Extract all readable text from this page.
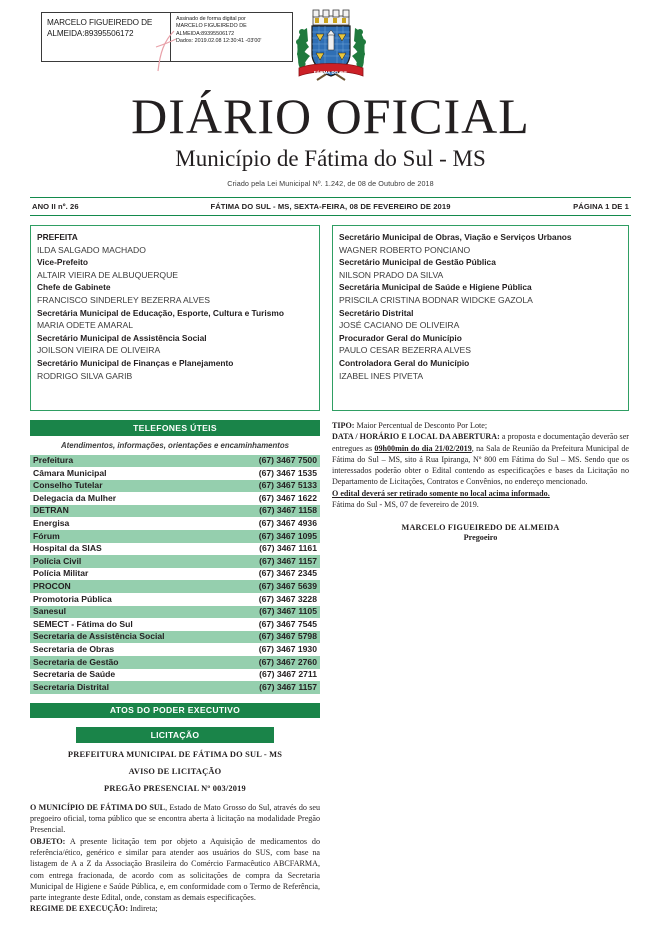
MARCELO FIGUEIREDO DE
ALMEIDA:89395506172
Assinado de forma digital por
MARCELO FIGUEIREDO DE
ALMEIDA:89395506172
Dados: 2019.02.08 12:30:41 -03'00'
FÁTIMA DO SUL
DIÁRIO OFICIAL
Município de Fátima do Sul - MS
Criado pela Lei Municipal Nº. 1.242, de 08 de Outubro de 2018
ANO II nº. 26	FÁTIMA DO SUL - MS, SEXTA-FEIRA, 08 DE FEVEREIRO DE 2019	PÁGINA 1 DE 1
PREFEITA
ILDA SALGADO MACHADO
Vice-Prefeito
ALTAIR VIEIRA DE ALBUQUERQUE
Chefe de Gabinete
FRANCISCO SINDERLEY BEZERRA ALVES
Secretária Municipal de Educação, Esporte, Cultura e Turismo
MARIA ODETE AMARAL
Secretário Municipal de Assistência Social
JOILSON VIEIRA DE OLIVEIRA
Secretário Municipal de Finanças e Planejamento
RODRIGO SILVA GARIB
TELEFONES ÚTEIS
Atendimentos, informações, orientações e encaminhamentos
Prefeitura	(67) 3467 7500
Câmara Municipal	(67) 3467 1535
Conselho Tutelar	(67) 3467 5133
Delegacia da Mulher	(67) 3467 1622
DETRAN	(67) 3467 1158
Energisa	(67) 3467 4936
Fórum	(67) 3467 1095
Hospital da SIAS	(67) 3467 1161
Polícia Civil	(67) 3467 1157
Polícia Militar	(67) 3467 2345
PROCON	(67) 3467 5639
Promotoria Pública	(67) 3467 3228
Sanesul	(67) 3467 1105
SEMECT - Fátima do Sul	(67) 3467 7545
Secretaria de Assistência Social	(67) 3467 5798
Secretaria de Obras	(67) 3467 1930
Secretaria de Gestão	(67) 3467 2760
Secretaria de Saúde	(67) 3467 2711
Secretaria Distrital	(67) 3467 1157
ATOS DO PODER EXECUTIVO
LICITAÇÃO
PREFEITURA MUNICIPAL DE FÁTIMA DO SUL - MS
AVISO DE LICITAÇÃO
PREGÃO PRESENCIAL Nº 003/2019

O MUNICÍPIO DE FÁTIMA DO SUL, Estado de Mato Grosso do Sul, através do seu pregoeiro oficial, torna público que se encontra aberta à licitação na modalidade Pregão Presencial.

OBJETO: A presente licitação tem por objeto a Aquisição de medicamentos do referência/ético, genérico e similar para atender aos usuários do SUS, com base na listagem de A a Z da Associação Brasileira do Comércio Farmacêutico ABCFARMA, com entrega fracionada, de acordo com as solicitações de compra da Secretaria Municipal de Higiene e Saúde Pública, e, em conformidade com o Termo de Referência, parte integrante deste Edital, onde, constam as demais especificações.

REGIME DE EXECUÇÃO: Indireta;

Secretário Municipal de Obras, Viação e Serviços Urbanos
WAGNER ROBERTO PONCIANO
Secretário Municipal de Gestão Pública
NILSON PRADO DA SILVA
Secretária Municipal de Saúde e Higiene Pública
PRISCILA CRISTINA BODNAR WIDCKE GAZOLA
Secretário Distrital
JOSÉ CACIANO DE OLIVEIRA
Procurador Geral do Município
PAULO CESAR BEZERRA ALVES
Controladora Geral do Município
IZABEL INES PIVETA

TIPO: Maior Percentual de Desconto Por Lote;

DATA / HORÁRIO E LOCAL DA ABERTURA: a proposta e documentação deverão ser entregues as 09h00min do dia 21/02/2019, na Sala de Reunião da Prefeitura Municipal de Fátima do Sul – MS, sito á Rua Ipiranga, Nº 800 em Fátima do Sul – MS. Sendo que os interessados poderão obter o Edital contendo as especificações e bases da Licitação no Departamento de Licitações, Contratos e Convênios, no endereço mencionado.

O edital deverá ser retirado somente no local acima informado.

Fátima do Sul - MS, 07 de fevereiro de 2019.

MARCELO FIGUEIREDO DE ALMEIDA
Pregoeiro
